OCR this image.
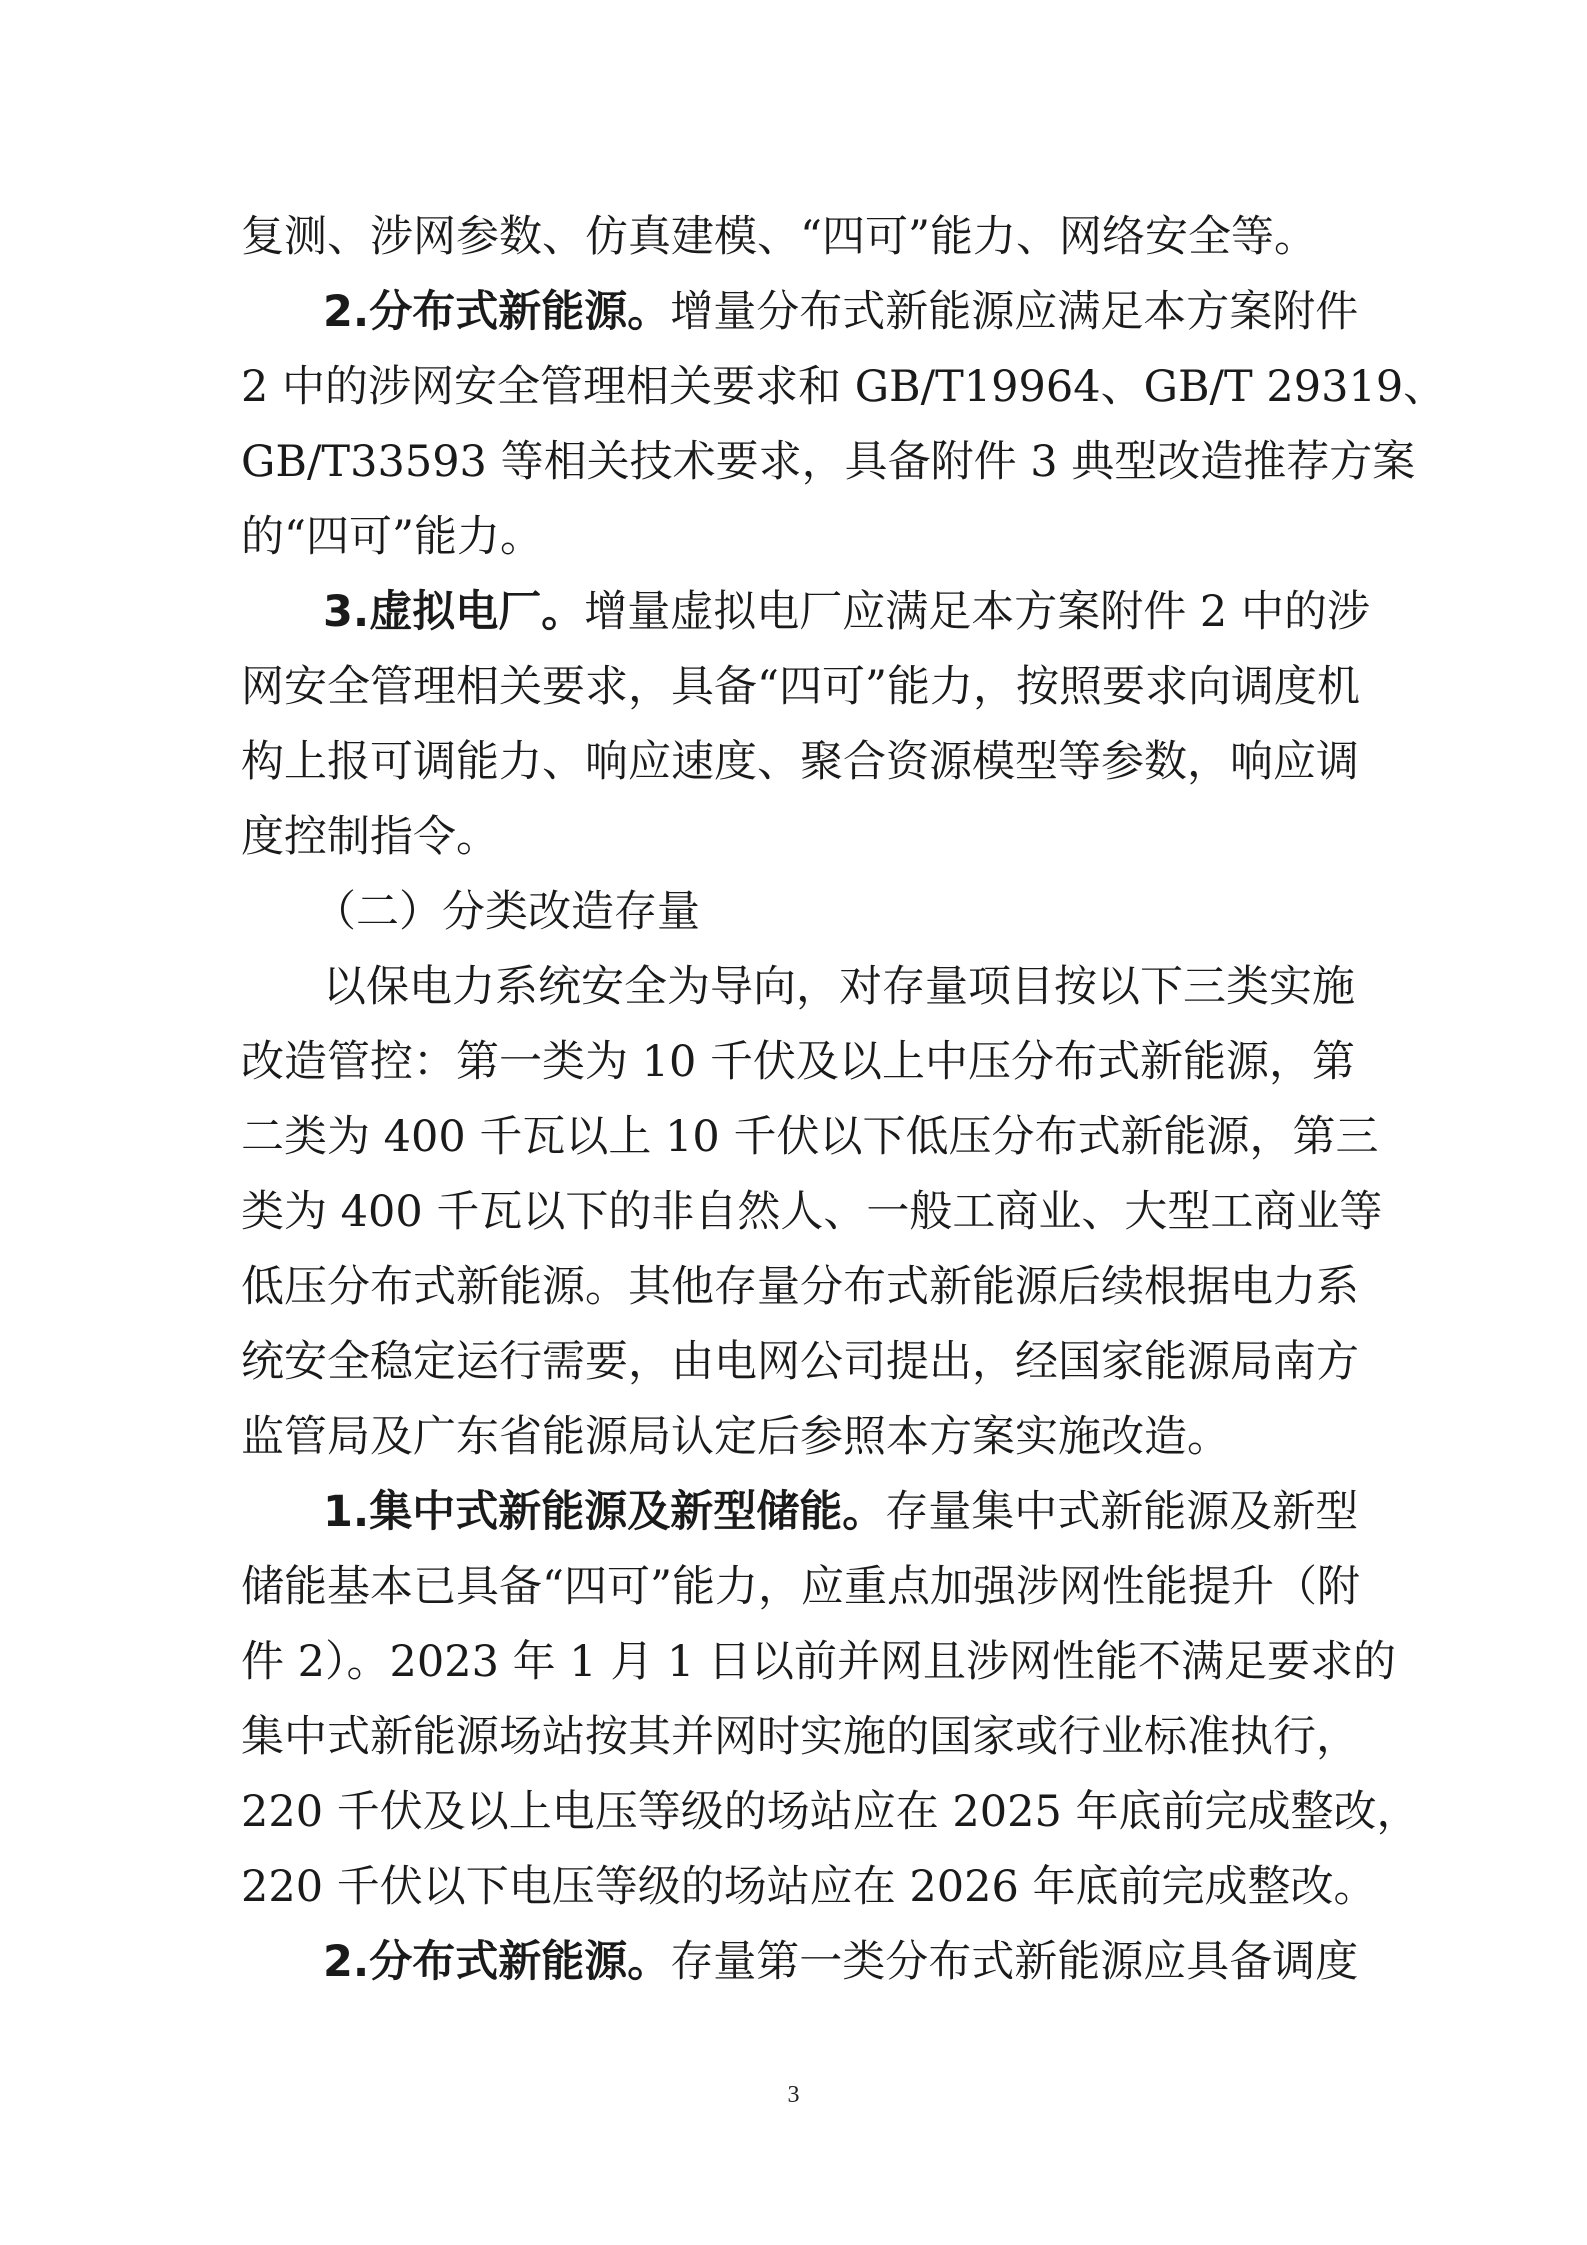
复测、涉网参数、仿真建模、“四可”能力、网络安全等。
2.分布式新能源。增量分布式新能源应满足本方案附件
2 中的涉网安全管理相关要求和 GB/T19964、GB/T 29319、
GB/T33593 等相关技术要求，具备附件 3 典型改造推荐方案
的“四可”能力。
3.虚拟电厂。增量虚拟电厂应满足本方案附件 2 中的涉
网安全管理相关要求，具备“四可”能力，按照要求向调度机
构上报可调能力、响应速度、聚合资源模型等参数，响应调
度控制指令。
（二）分类改造存量
以保电力系统安全为导向，对存量项目按以下三类实施
改造管控：第一类为 10 千伏及以上中压分布式新能源，第
二类为 400 千瓦以上 10 千伏以下低压分布式新能源，第三
类为 400 千瓦以下的非自然人、一般工商业、大型工商业等
低压分布式新能源。其他存量分布式新能源后续根据电力系
统安全稳定运行需要，由电网公司提出，经国家能源局南方
监管局及广东省能源局认定后参照本方案实施改造。
1.集中式新能源及新型储能。存量集中式新能源及新型
储能基本已具备“四可”能力，应重点加强涉网性能提升（附
件 2）。2023 年 1 月 1 日以前并网且涉网性能不满足要求的
集中式新能源场站按其并网时实施的国家或行业标准执行，
220 千伏及以上电压等级的场站应在 2025 年底前完成整改，
220 千伏以下电压等级的场站应在 2026 年底前完成整改。
2.分布式新能源。存量第一类分布式新能源应具备调度
3
